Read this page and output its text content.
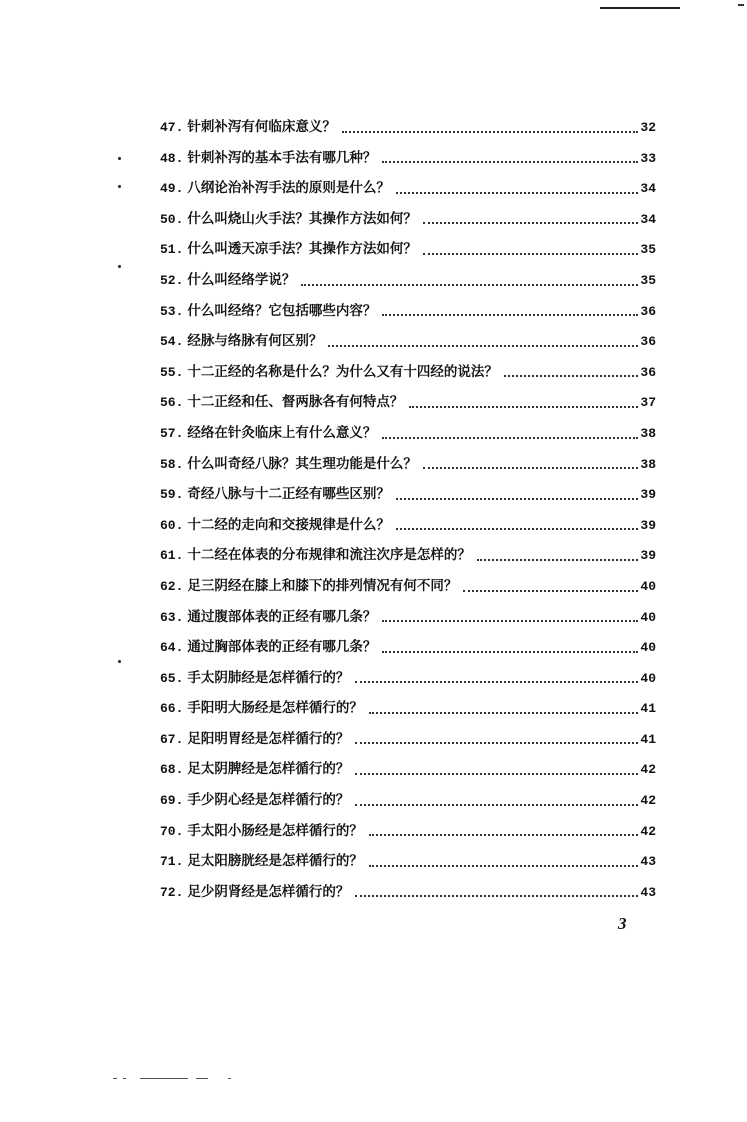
47. 针刺补泻有何临床意义？	32
48. 针刺补泻的基本手法有哪几种？	33
49. 八纲论治补泻手法的原则是什么？	34
50. 什么叫烧山火手法？其操作方法如何？	34
51. 什么叫透天凉手法？其操作方法如何？	35
52. 什么叫经络学说？	35
53. 什么叫经络？它包括哪些内容？	36
54. 经脉与络脉有何区别？	36
55. 十二正经的名称是什么？为什么又有十四经的说法？	36
56. 十二正经和任、督两脉各有何特点？	37
57. 经络在针灸临床上有什么意义？	38
58. 什么叫奇经八脉？其生理功能是什么？	38
59. 奇经八脉与十二正经有哪些区别？	39
60. 十二经的走向和交接规律是什么？	39
61. 十二经在体表的分布规律和流注次序是怎样的？	39
62. 足三阴经在膝上和膝下的排列情况有何不同？	40
63. 通过腹部体表的正经有哪几条？	40
64. 通过胸部体表的正经有哪几条？	40
65. 手太阴肺经是怎样循行的？	40
66. 手阳明大肠经是怎样循行的？	41
67. 足阳明胃经是怎样循行的？	41
68. 足太阴脾经是怎样循行的？	42
69. 手少阴心经是怎样循行的？	42
70. 手太阳小肠经是怎样循行的？	42
71. 足太阳膀胱经是怎样循行的？	43
72. 足少阴肾经是怎样循行的？	43
3
